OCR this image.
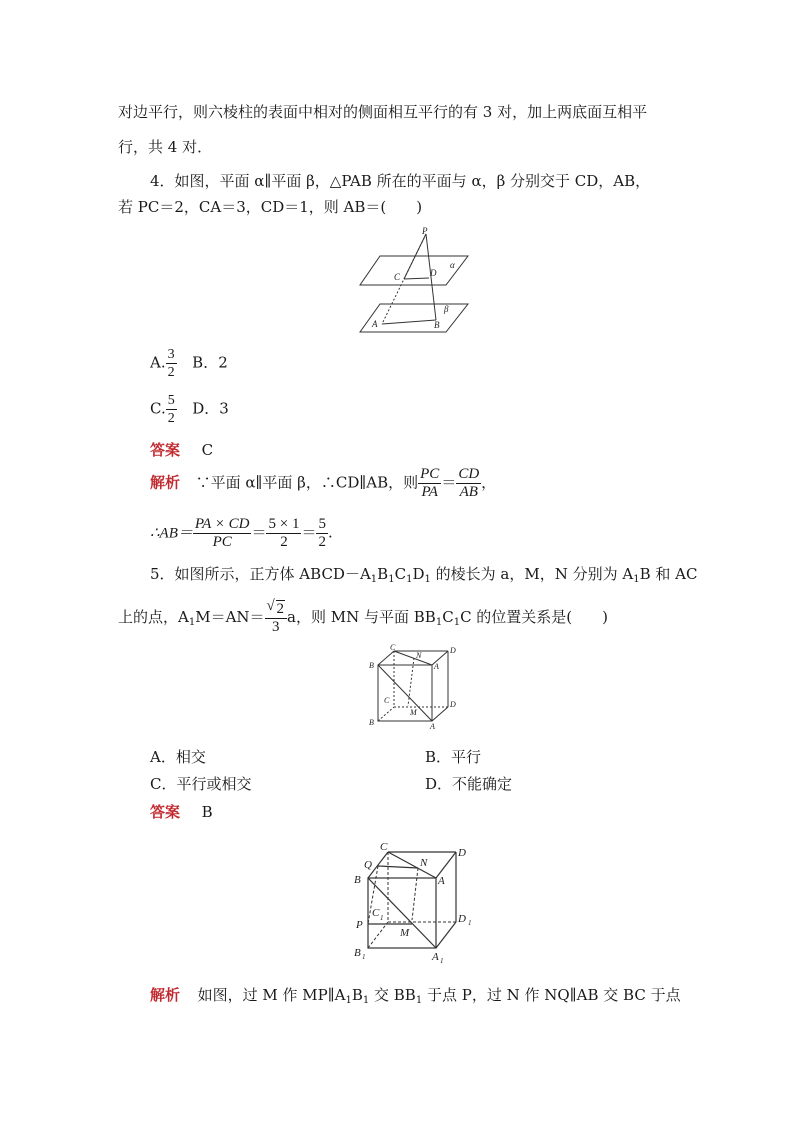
对边平行，则六棱柱的表面中相对的侧面相互平行的有 3 对，加上两底面互相平
行，共 4 对．
4．如图，平面 α∥平面 β，△PAB 所在的平面与 α，β 分别交于 CD，AB，
若 PC＝2，CA＝3，CD＝1，则 AB＝(　　)
P
C	D
α
β
A	B
A. $\frac{3}{2}$ B．2
C. $\frac{5}{2}$ D．3
答案 C
解析 ∵平面 α∥平面 β，∴CD∥AB，则 $\frac{PC}{PA} = \frac{CD}{AB}$ ，
∴AB＝ $\frac{PA \times CD}{PC} = \frac{5 \times 1}{2} = \frac{5}{2}$ .
5．如图所示，正方体 $ABCD-A_1B_1C_1D_1$ 的棱长为 a，M，N 分别为 $A_1B$ 和 AC
上的点，$A_1M=AN= \frac{√ 2}{3}$ a，则 MN 与平面 $BB_1C_1C$ 的位置关系是(　　)
C
N
D
B	A
C	D
M
B	A
A．相交	B．平行
C．平行或相交	D．不能确定
答案 B
C
Q	N
D
B	A
P
C 1	D 1
M
B 1	A 1
解析 如图，过 M 作 $MP\parallel A_1B_1$ 交 $BB_1$ 于点 P，过 N 作 NQ∥AB 交 BC 于点
